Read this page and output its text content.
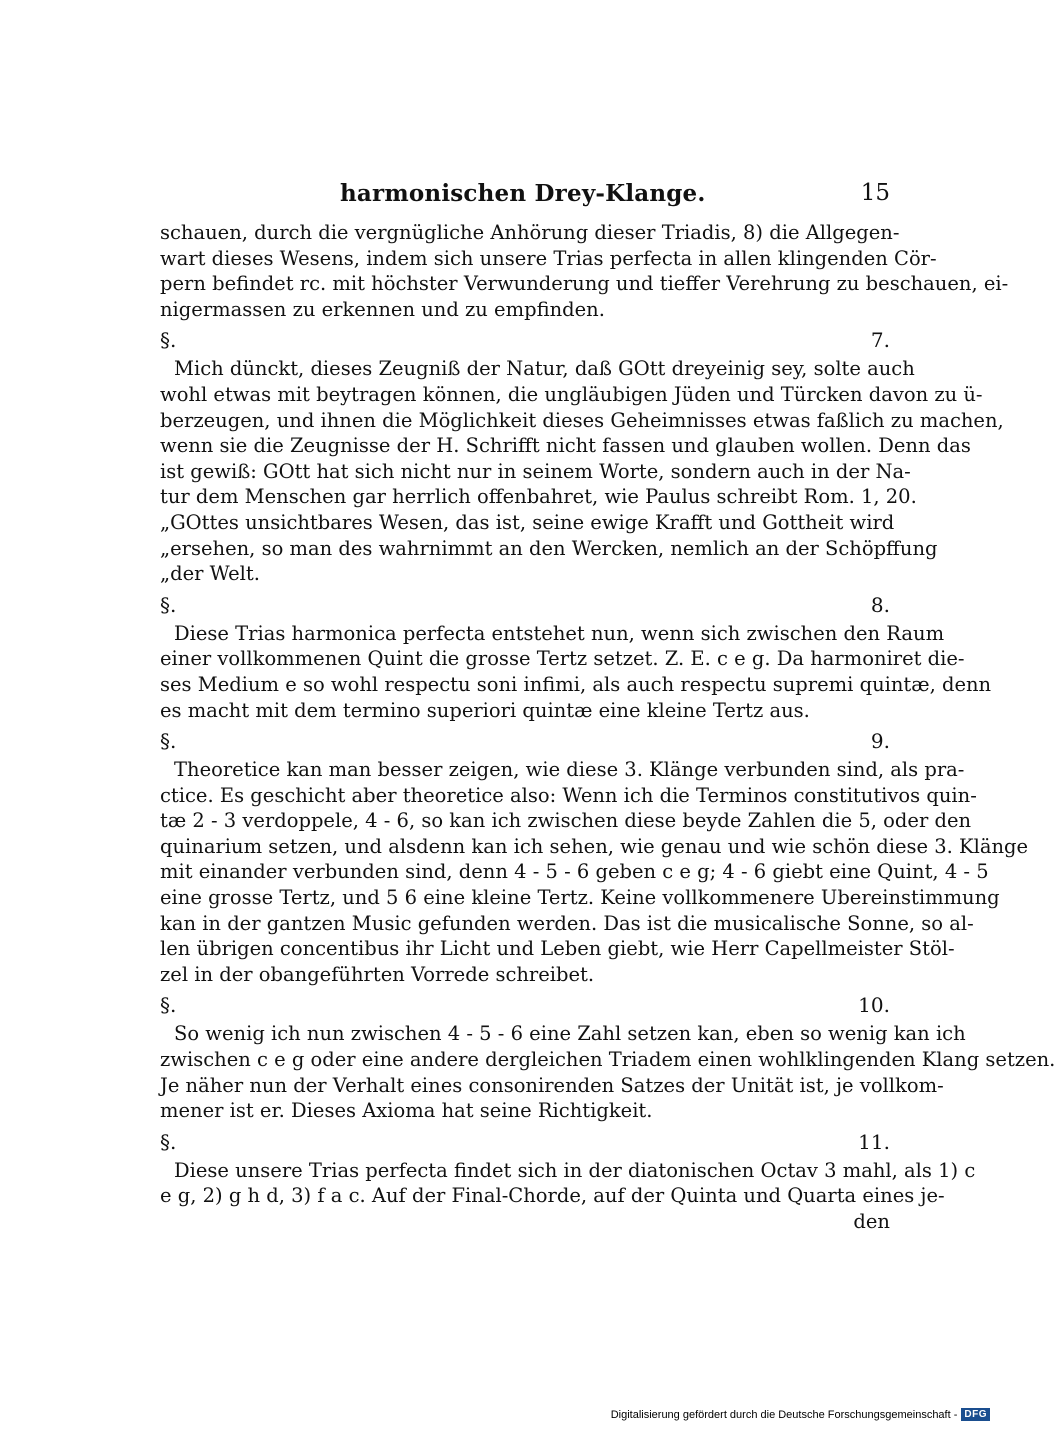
harmonischen Drey-Klange.	15
schauen, durch die vergnügliche Anhörung dieser Triadis, 8) die Allgegen-
wart dieses Wesens, indem sich unsere Trias perfecta in allen klingenden Cör-
pern befindet rc. mit höchster Verwunderung und tieffer Verehrung zu beschauen, ei-
nigermassen zu erkennen und zu empfinden.
§. 7.
Mich dünckt, dieses Zeugniß der Natur, daß GOtt dreyeinig sey, solte auch
wohl etwas mit beytragen können, die ungläubigen Jüden und Türcken davon zu ü-
berzeugen, und ihnen die Möglichkeit dieses Geheimnisses etwas faßlich zu machen,
wenn sie die Zeugnisse der H. Schrifft nicht fassen und glauben wollen. Denn das
ist gewiß: GOtt hat sich nicht nur in seinem Worte, sondern auch in der Na-
tur dem Menschen gar herrlich offenbahret, wie Paulus schreibt Rom. 1, 20.
„GOttes unsichtbares Wesen, das ist, seine ewige Krafft und Gottheit wird
„ersehen, so man des wahrnimmt an den Wercken, nemlich an der Schöpffung
„der Welt.
§. 8.
Diese Trias harmonica perfecta entstehet nun, wenn sich zwischen den Raum
einer vollkommenen Quint die grosse Tertz setzet. Z. E. c e g. Da harmoniret die-
ses Medium e so wohl respectu soni infimi, als auch respectu supremi quintæ, denn
es macht mit dem termino superiori quintæ eine kleine Tertz aus.
§. 9.
Theoretice kan man besser zeigen, wie diese 3. Klänge verbunden sind, als pra-
ctice. Es geschicht aber theoretice also: Wenn ich die Terminos constitutivos quin-
tæ 2 - 3 verdoppele, 4 - 6, so kan ich zwischen diese beyde Zahlen die 5, oder den
quinarium setzen, und alsdenn kan ich sehen, wie genau und wie schön diese 3. Klänge
mit einander verbunden sind, denn 4 - 5 - 6 geben c e g; 4 - 6 giebt eine Quint, 4 - 5
eine grosse Tertz, und 5 6 eine kleine Tertz. Keine vollkommenere Ubereinstimmung
kan in der gantzen Music gefunden werden. Das ist die musicalische Sonne, so al-
len übrigen concentibus ihr Licht und Leben giebt, wie Herr Capellmeister Stöl-
zel in der obangeführten Vorrede schreibet.
§. 10.
So wenig ich nun zwischen 4 - 5 - 6 eine Zahl setzen kan, eben so wenig kan ich
zwischen c e g oder eine andere dergleichen Triadem einen wohlklingenden Klang setzen.
Je näher nun der Verhalt eines consonirenden Satzes der Unität ist, je vollkom-
mener ist er. Dieses Axioma hat seine Richtigkeit.
§. 11.
Diese unsere Trias perfecta findet sich in der diatonischen Octav 3 mahl, als 1) c
e g, 2) g h d, 3) f a c. Auf der Final-Chorde, auf der Quinta und Quarta eines je-
den
Digitalisierung gefördert durch die Deutsche Forschungsgemeinschaft - DFG
